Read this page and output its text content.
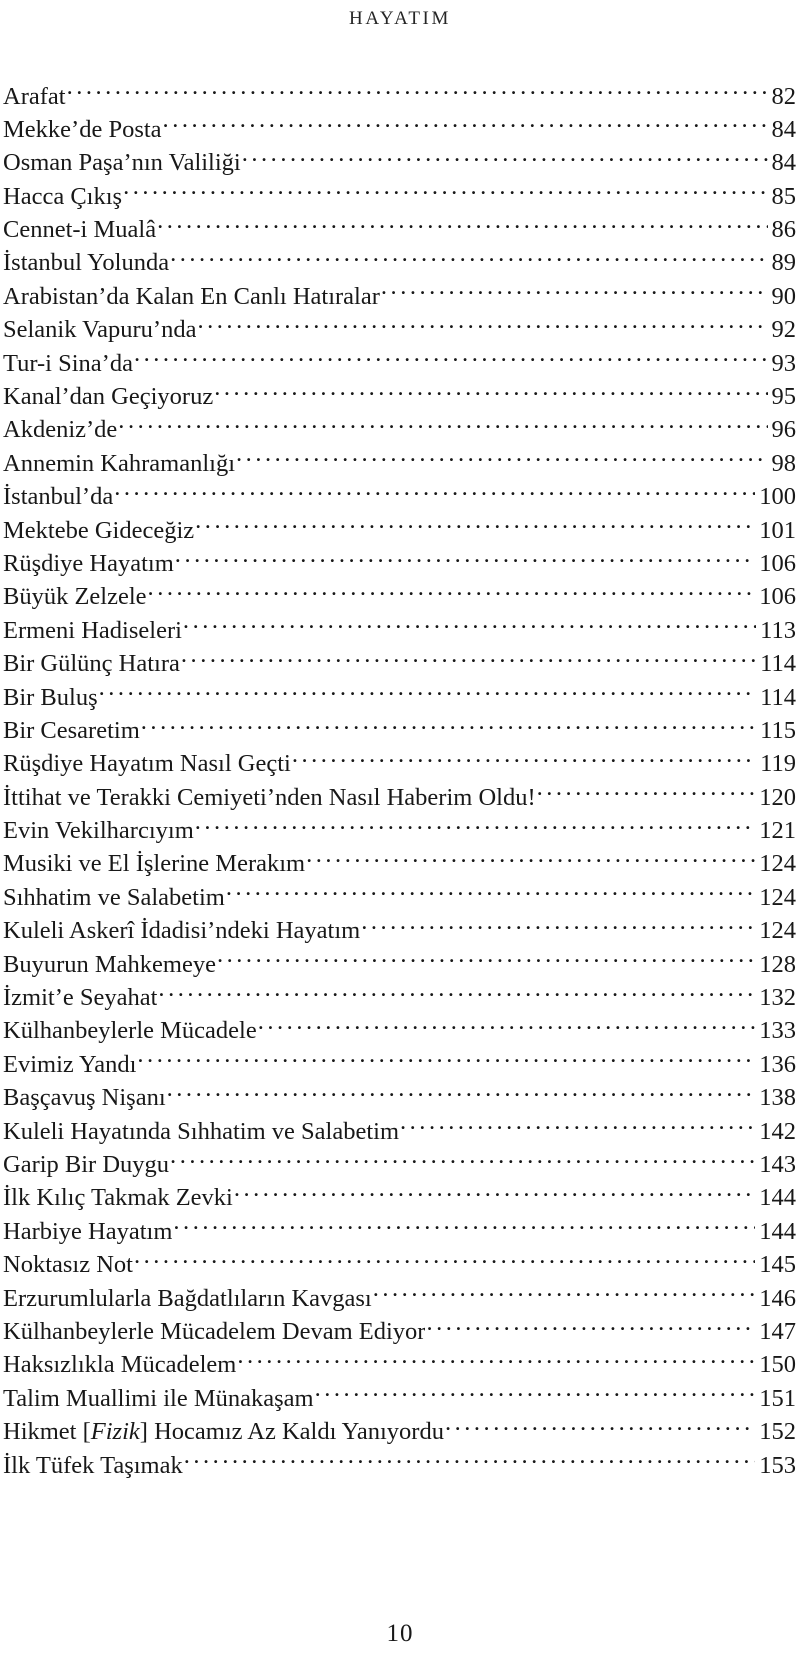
HAYATIM
Arafat . . .	82
Mekke’de Posta . . .	84
Osman Paşa’nın Valiliği . . .	84
Hacca Çıkış . . .	85
Cennet-i Mualâ . . .	86
İstanbul Yolunda . . .	89
Arabistan’da Kalan En Canlı Hatıralar . . .	90
Selanik Vapuru’nda . . .	92
Tur-i Sina’da . . .	93
Kanal’dan Geçiyoruz . . .	95
Akdeniz’de . . .	96
Annemin Kahramanlığı . . .	98
İstanbul’da . . .	100
Mektebe Gideceğiz . . .	101
Rüşdiye Hayatım . . .	106
Büyük Zelzele . . .	106
Ermeni Hadiseleri . . .	113
Bir Gülünç Hatıra . . .	114
Bir Buluş . . .	114
Bir Cesaretim . . .	115
Rüşdiye Hayatım Nasıl Geçti . . .	119
İttihat ve Terakki Cemiyeti’nden Nasıl Haberim Oldu! . . .	120
Evin Vekilharcıyım . . .	121
Musiki ve El İşlerine Merakım . . .	124
Sıhhatim ve Salabetim . . .	124
Kuleli Askerî İdadisi’ndeki Hayatım . . .	124
Buyurun Mahkemeye . . .	128
İzmit’e Seyahat . . .	132
Külhanbeylerle Mücadele . . .	133
Evimiz Yandı . . .	136
Başçavuş Nişanı . . .	138
Kuleli Hayatında Sıhhatim ve Salabetim . . .	142
Garip Bir Duygu . . .	143
İlk Kılıç Takmak Zevki . . .	144
Harbiye Hayatım . . .	144
Noktasız Not . . .	145
Erzurumlularla Bağdatlıların Kavgası . . .	146
Külhanbeylerle Mücadelem Devam Ediyor . . .	147
Haksızlıkla Mücadelem . . .	150
Talim Muallimi ile Münakaşam . . .	151
Hikmet [Fizik] Hocamız Az Kaldı Yanıyordu . . .	152
İlk Tüfek Taşımak . . .	153
10
